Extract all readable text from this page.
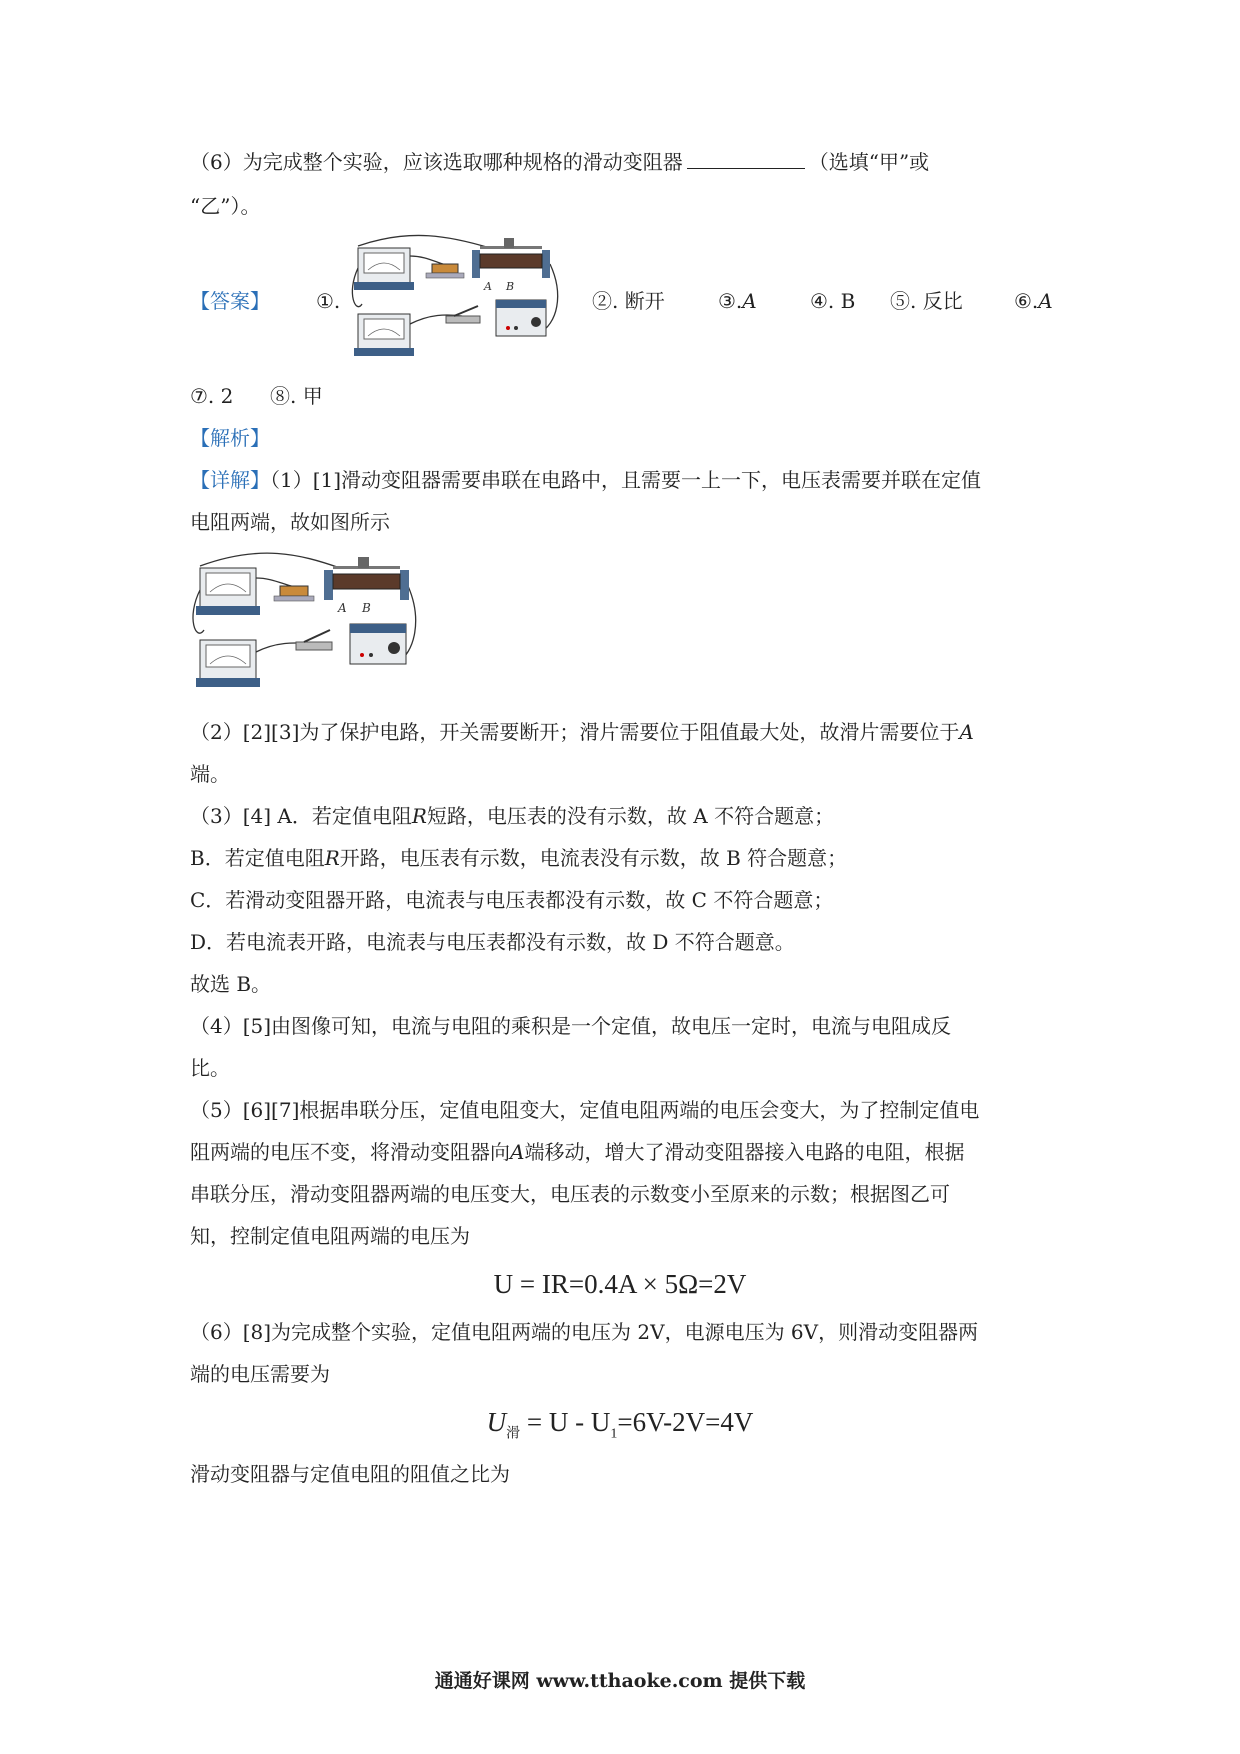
（6）为完成整个实验，应该选取哪种规格的滑动变阻器	（选填“甲”或
“乙”）。
【答案】 ①.	②. 断开	③.A	④. B ⑤. 反比	⑥.A
A B
⑦. 2 ⑧. 甲
【解析】
【详解】（1）[1]滑动变阻器需要串联在电路中，且需要一上一下，电压表需要并联在定值
电阻两端，故如图所示
A B
（2）[2][3]为了保护电路，开关需要断开；滑片需要位于阻值最大处，故滑片需要位于A
端。
（3）[4] A．若定值电阻R短路，电压表的没有示数，故 A 不符合题意；
B．若定值电阻R开路，电压表有示数，电流表没有示数，故 B 符合题意；
C．若滑动变阻器开路，电流表与电压表都没有示数，故 C 不符合题意；
D．若电流表开路，电流表与电压表都没有示数，故 D 不符合题意。
故选 B。
（4）[5]由图像可知，电流与电阻的乘积是一个定值，故电压一定时，电流与电阻成反
比。
（5）[6][7]根据串联分压，定值电阻变大，定值电阻两端的电压会变大，为了控制定值电
阻两端的电压不变，将滑动变阻器向A端移动，增大了滑动变阻器接入电路的电阻，根据
串联分压，滑动变阻器两端的电压变大，电压表的示数变小至原来的示数；根据图乙可
知，控制定值电阻两端的电压为
U = IR=0.4A × 5Ω=2V
（6）[8]为完成整个实验，定值电阻两端的电压为 2V，电源电压为 6V，则滑动变阻器两
端的电压需要为
$U_滑 = U - U_1=6V-2V=4V$
滑动变阻器与定值电阻的阻值之比为
通通好课网 www.tthaoke.com 提供下载
